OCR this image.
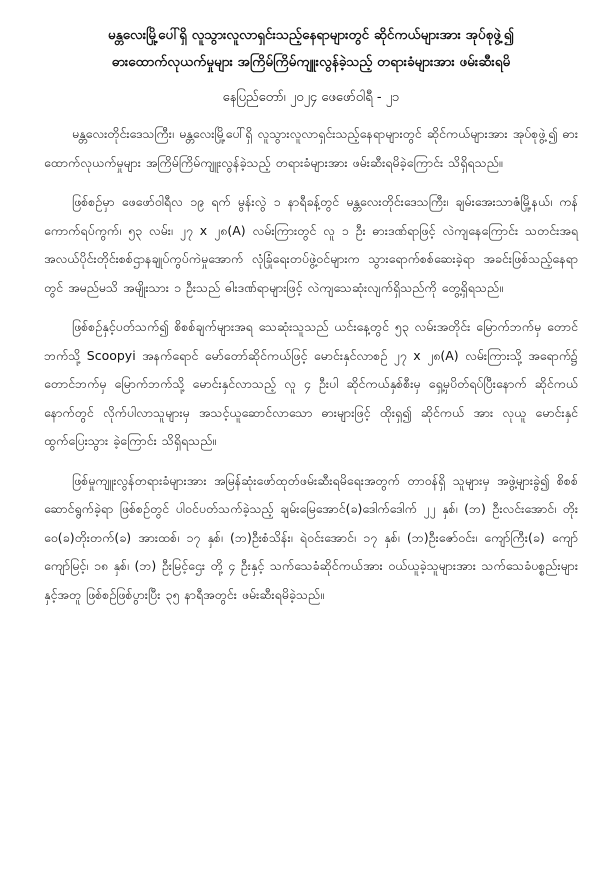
မန္တလေးမြို့ပေါ်ရှိ လူသွားလူလာရှင်းသည့်နေရာများတွင် ဆိုင်ကယ်များအား အုပ်စုဖွဲ့၍
ဓားထောက်လုယက်မှုများ အကြိမ်ကြိမ်ကျူးလွန်ခဲ့သည့် တရားခံများအား ဖမ်းဆီးရမိ
နေပြည်တော်၊ ၂၀၂၄ ဖေဖော်ဝါရီ - ၂၁

မန္တလေးတိုင်းဒေသကြီး၊ မန္တလေးမြို့ပေါ်ရှိ လူသွားလူလာရှင်းသည့်နေရာများတွင် ဆိုင်ကယ်များအား အုပ်စုဖွဲ့၍ ဓားထောက်လုယက်မှုများ အကြိမ်ကြိမ်ကျူးလွန်ခဲ့သည့် တရားခံများအား ဖမ်းဆီးရမိခဲ့ကြောင်း သိရှိရသည်။

ဖြစ်စဉ်မှာ ဖေဖော်ဝါရီလ ၁၉ ရက် မွန်းလွဲ ၁ နာရီခန့်တွင် မန္တလေးတိုင်းဒေသကြီး၊ ချမ်းအေးသာဇံမြို့နယ်၊ ကန်ကောက်ရပ်ကွက်၊ ၅၃ လမ်း၊ ၂၇ x ၂၈(A) လမ်းကြားတွင် လူ ၁ ဦး ဓားဒဏ်ရာဖြင့် လဲကျနေကြောင်း သတင်းအရ အလယ်ပိုင်းတိုင်းစစ်ဌာနချုပ်ကွပ်ကဲမှုအောက် လုံခြုံရေးတပ်ဖွဲ့ဝင်များက သွားရောက်စစ်ဆေးခဲ့ရာ အခင်းဖြစ်သည့်နေရာတွင် အမည်မသိ အမျိုးသား ၁ ဦးသည် ဓါးဒဏ်ရာများဖြင့် လဲကျသေဆုံးလျက်ရှိသည်ကို တွေ့ရှိရသည်။

ဖြစ်စဉ်နှင့်ပတ်သက်၍ စိစစ်ချက်များအရ သေဆုံးသူသည် ယင်းနေ့တွင် ၅၃ လမ်းအတိုင်း မြောက်ဘက်မှ တောင်ဘက်သို့ Scoopyi အနက်ရောင် မော်တော်ဆိုင်ကယ်ဖြင့် မောင်းနှင်လာစဉ် ၂၇ x ၂၈(A) လမ်းကြားသို့ အရောက်၌ တောင်ဘက်မှ မြောက်ဘက်သို့ မောင်းနှင်လာသည့် လူ ၄ ဦးပါ ဆိုင်ကယ်နှစ်စီးမှ ရှေ့မှပိတ်ရပ်ပြီးနောက် ဆိုင်ကယ် နောက်တွင် လိုက်ပါလာသူများမှ အသင့်ယူဆောင်လာသော ဓားများဖြင့် ထိုးရှ၍ ဆိုင်ကယ် အား လုယူ မောင်းနှင်ထွက်ပြေးသွား ခဲ့ကြောင်း သိရှိရသည်။

ဖြစ်မှုကျူးလွန်တရားခံများအား အမြန်ဆုံးဖော်ထုတ်ဖမ်းဆီးရမိရေးအတွက် တာဝန်ရှိ သူများမှ အဖွဲ့များခွဲ၍ စိစစ်ဆောင်ရွက်ခဲ့ရာ ဖြစ်စဉ်တွင် ပါဝင်ပတ်သက်ခဲ့သည့် ချမ်းမြေအောင်(ခ)ဒေါက်ဒေါက် ၂၂ နှစ်၊ (ဘ) ဦးလင်းအောင်၊ တိုးဝေ(ခ)တိုးတက်(ခ) အားထစ်၊ ၁၇ နှစ်၊ (ဘ)ဦးစံသိန်း၊ ရဲဝင်းအောင်၊ ၁၇ နှစ်၊ (ဘ)ဦးဇော်ဝင်း၊ ကျော်ကြီး(ခ) ကျော်ကျော်မြင့်၊ ၁၈ နှစ်၊ (ဘ) ဦးမြင့်ဌေး တို့ ၄ ဦးနှင့် သက်သေခံဆိုင်ကယ်အား ဝယ်ယူခဲ့သူများအား သက်သေခံပစ္စည်းများနှင့်အတူ ဖြစ်စဉ်ဖြစ်ပွားပြီး ၃၅ နာရီအတွင်း ဖမ်းဆီးရမိခဲ့သည်။
